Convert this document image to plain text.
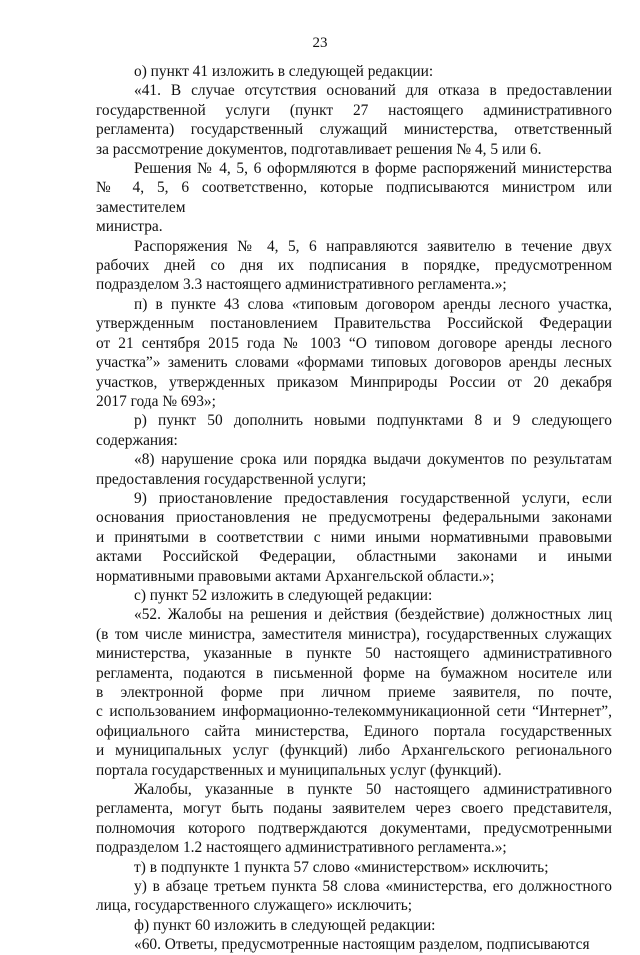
23
о) пункт 41 изложить в следующей редакции:
«41. В случае отсутствия оснований для отказа в предоставлении
государственной услуги (пункт 27 настоящего административного
регламента) государственный служащий министерства, ответственный
за рассмотрение документов, подготавливает решения № 4, 5 или 6.
Решения № 4, 5, 6 оформляются в форме распоряжений министерства
№ 4, 5, 6 соответственно, которые подписываются министром или заместителем
министра.
Распоряжения № 4, 5, 6 направляются заявителю в течение двух
рабочих дней со дня их подписания в порядке, предусмотренном
подразделом 3.3 настоящего административного регламента.»;
п) в пункте 43 слова «типовым договором аренды лесного участка,
утвержденным постановлением Правительства Российской Федерации
от 21 сентября 2015 года № 1003 “О типовом договоре аренды лесного
участка”» заменить словами «формами типовых договоров аренды лесных
участков, утвержденных приказом Минприроды России от 20 декабря
2017 года № 693»;
р) пункт 50 дополнить новыми подпунктами 8 и 9 следующего
содержания:
«8) нарушение срока или порядка выдачи документов по результатам
предоставления государственной услуги;
9) приостановление предоставления государственной услуги, если
основания приостановления не предусмотрены федеральными законами
и принятыми в соответствии с ними иными нормативными правовыми
актами Российской Федерации, областными законами и иными
нормативными правовыми актами Архангельской области.»;
с) пункт 52 изложить в следующей редакции:
«52. Жалобы на решения и действия (бездействие) должностных лиц
(в том числе министра, заместителя министра), государственных служащих
министерства, указанные в пункте 50 настоящего административного
регламента, подаются в письменной форме на бумажном носителе или
в электронной форме при личном приеме заявителя, по почте,
с использованием информационно-телекоммуникационной сети “Интернет”,
официального сайта министерства, Единого портала государственных
и муниципальных услуг (функций) либо Архангельского регионального
портала государственных и муниципальных услуг (функций).
Жалобы, указанные в пункте 50 настоящего административного
регламента, могут быть поданы заявителем через своего представителя,
полномочия которого подтверждаются документами, предусмотренными
подразделом 1.2 настоящего административного регламента.»;
т) в подпункте 1 пункта 57 слово «министерством» исключить;
у) в абзаце третьем пункта 58 слова «министерства, его должностного
лица, государственного служащего» исключить;
ф) пункт 60 изложить в следующей редакции:
«60. Ответы, предусмотренные настоящим разделом, подписываются
